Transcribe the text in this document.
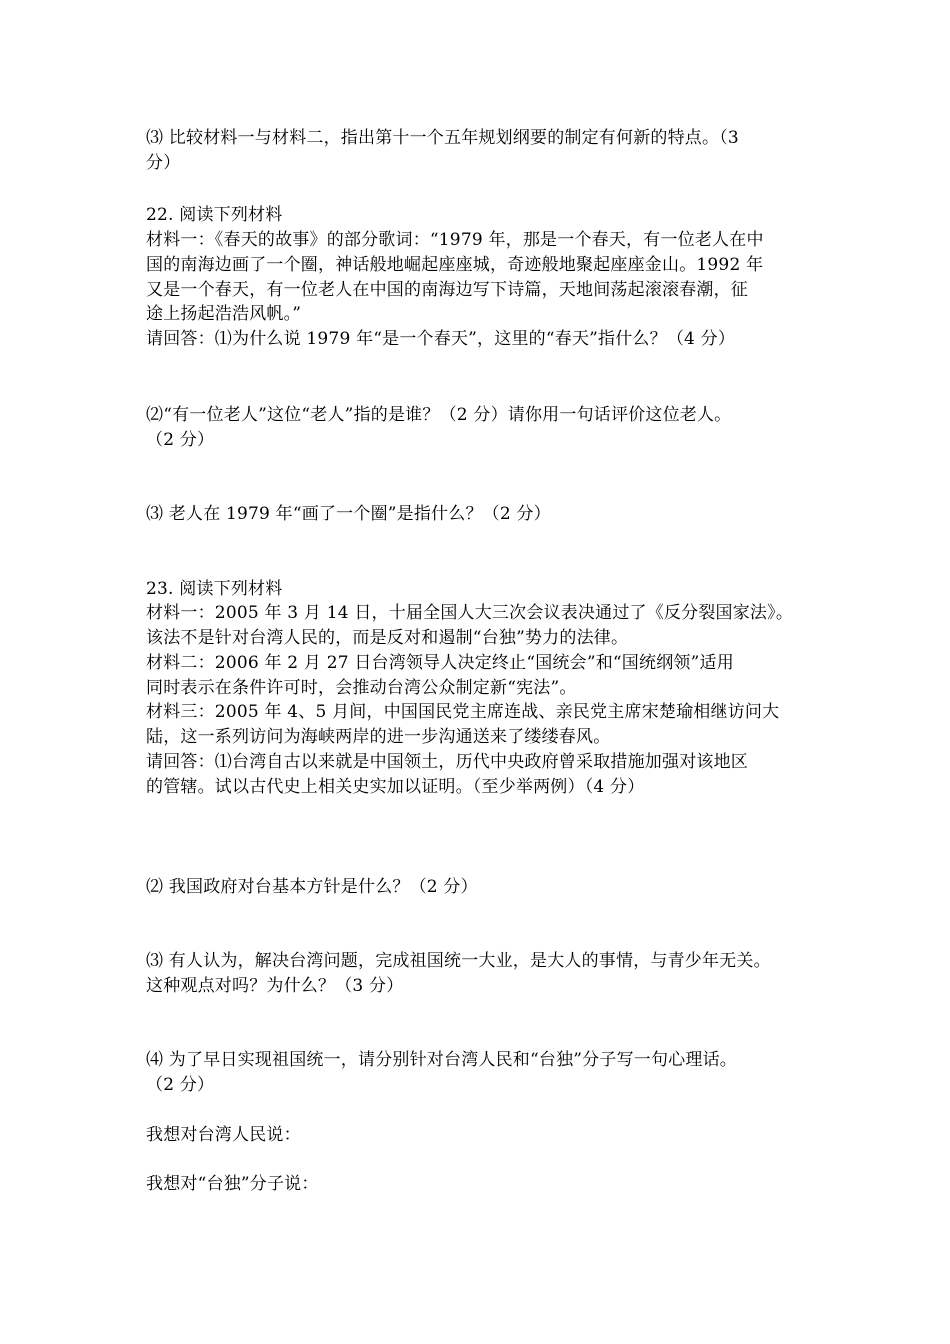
⑶ 比较材料一与材料二，指出第十一个五年规划纲要的制定有何新的特点。（3
分）
22. 阅读下列材料
材料一：《春天的故事》的部分歌词：“1979 年，那是一个春天，有一位老人在中
国的南海边画了一个圈，神话般地崛起座座城，奇迹般地聚起座座金山。1992 年
又是一个春天，有一位老人在中国的南海边写下诗篇，天地间荡起滚滚春潮，征
途上扬起浩浩风帆。”
请回答：⑴为什么说 1979 年“是一个春天”，这里的“春天”指什么？（4 分）
⑵“有一位老人”这位“老人”指的是谁？（2 分）请你用一句话评价这位老人。
（2 分）
⑶ 老人在 1979 年“画了一个圈”是指什么？（2 分）
23. 阅读下列材料
材料一：2005 年 3 月 14 日，十届全国人大三次会议表决通过了《反分裂国家法》。
该法不是针对台湾人民的，而是反对和遏制“台独”势力的法律。
材料二：2006 年 2 月 27 日台湾领导人决定终止“国统会”和“国统纲领”适用
同时表示在条件许可时，会推动台湾公众制定新“宪法”。
材料三：2005 年 4、5 月间，中国国民党主席连战、亲民党主席宋楚瑜相继访问大
陆，这一系列访问为海峡两岸的进一步沟通送来了缕缕春风。
请回答：⑴台湾自古以来就是中国领土，历代中央政府曾采取措施加强对该地区
的管辖。试以古代史上相关史实加以证明。（至少举两例）（4 分）
⑵ 我国政府对台基本方针是什么？（2 分）
⑶ 有人认为，解决台湾问题，完成祖国统一大业，是大人的事情，与青少年无关。
这种观点对吗？为什么？（3 分）
⑷ 为了早日实现祖国统一，请分别针对台湾人民和“台独”分子写一句心理话。
（2 分）
我想对台湾人民说：
我想对“台独”分子说：
